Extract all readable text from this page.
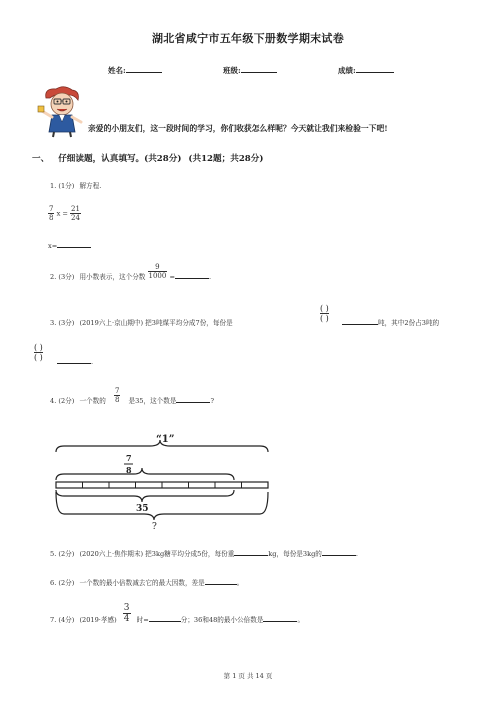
湖北省咸宁市五年级下册数学期末试卷
姓名:	班级:	成绩:
亲爱的小朋友们，这一段时间的学习，你们收获怎么样呢？今天就让我们来检验一下吧!
一、 仔细读题，认真填写。(共28分) (共12题；共28分)
1. (1分) 解方程.
$\frac{7}{8}$ $x = \frac{21}{24}$
x=
2. (3分) 用小数表示，这个分数 $\frac{9}{1000}$ =	.
3. (3分) (2019六上·京山期中) 把3吨煤平均分成7份，每份是
( )
( )	吨，其中2份占3吨的
( )
( )	.
4. (2分) 一个数的 $\frac{7}{8}$ 是35，这个数是	?
“1”
7
8
35
?
5. (2分) (2020六上·焦作期末) 把3kg糖平均分成5份，每份重	kg，每份是3kg的	.
6. (2分) 一个数的最小倍数减去它的最大因数，差是	。
7. (4分) (2019·孝感) $\frac{3}{4}$ 时=	分；36和48的最小公倍数是	。
第 1 页 共 14 页
